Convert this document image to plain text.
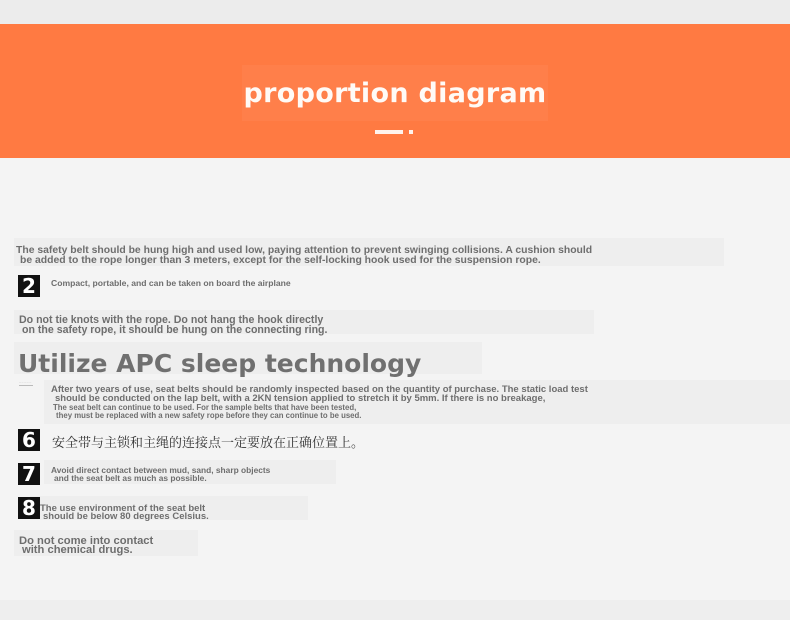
proportion diagram
The safety belt should be hung high and used low, paying attention to prevent swinging collisions. A cushion should
be added to the rope longer than 3 meters, except for the self-locking hook used for the suspension rope.
2	Compact, portable, and can be taken on board the airplane
Do not tie knots with the rope. Do not hang the hook directly
on the safety rope, it should be hung on the connecting ring.
Utilize APC sleep technology
— — — — —
After two years of use, seat belts should be randomly inspected based on the quantity of purchase. The static load test
should be conducted on the lap belt, with a 2KN tension applied to stretch it by 5mm. If there is no breakage,
The seat belt can continue to be used. For the sample belts that have been tested,
they must be replaced with a new safety rope before they can continue to be used.
6	安全带与主锁和主绳的连接点一定要放在正确位置上。
7	Avoid direct contact between mud, sand, sharp objects
and the seat belt as much as possible.
8 The use environment of the seat belt
should be below 80 degrees Celsius.
Do not come into contact
with chemical drugs.
